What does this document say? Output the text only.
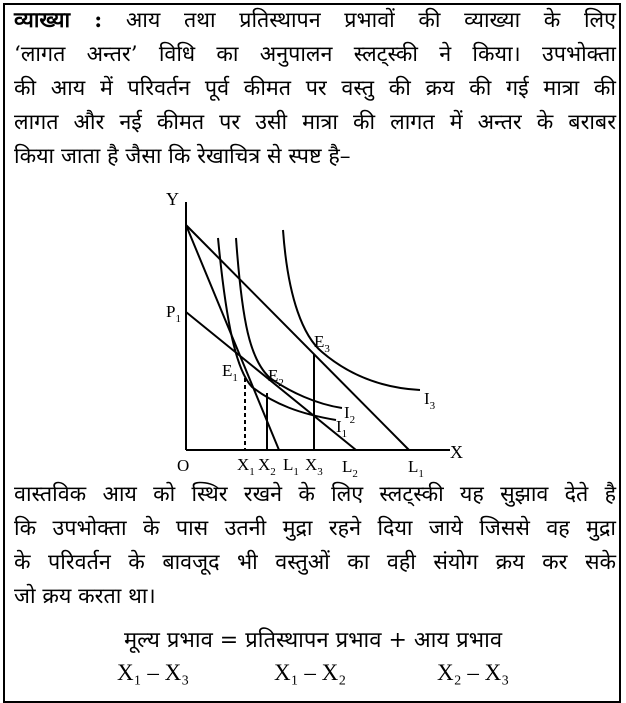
व्याख्या : आय तथा प्रतिस्थापन प्रभावों की व्याख्या के लिए
‘लागत अन्तर’ विधि का अनुपालन स्लट्स्की ने किया। उपभोक्ता
की आय में परिवर्तन पूर्व कीमत पर वस्तु की क्रय की गई मात्रा की
लागत और नई कीमत पर उसी मात्रा की लागत में अन्तर के बराबर
किया जाता है जैसा कि रेखाचित्र से स्पष्ट है–
Y
X
O
$P_1$
$E_1$ $E_2$
$E_3$
$I_1$
$I_2$
$I_3$
$X_1$ $X_2$ $L_1$ $X_3$ $L_2$	$L_1$
वास्तविक आय को स्थिर रखने के लिए स्लट्स्की यह सुझाव देते है
कि उपभोक्ता के पास उतनी मुद्रा रहने दिया जाये जिससे वह मुद्रा
के परिवर्तन के बावजूद भी वस्तुओं का वही संयोग क्रय कर सके
जो क्रय करता था।
मूल्य प्रभाव = प्रतिस्थापन प्रभाव + आय प्रभाव
X₁ – X₃	X₁ – X₂	X₂ – X₃
